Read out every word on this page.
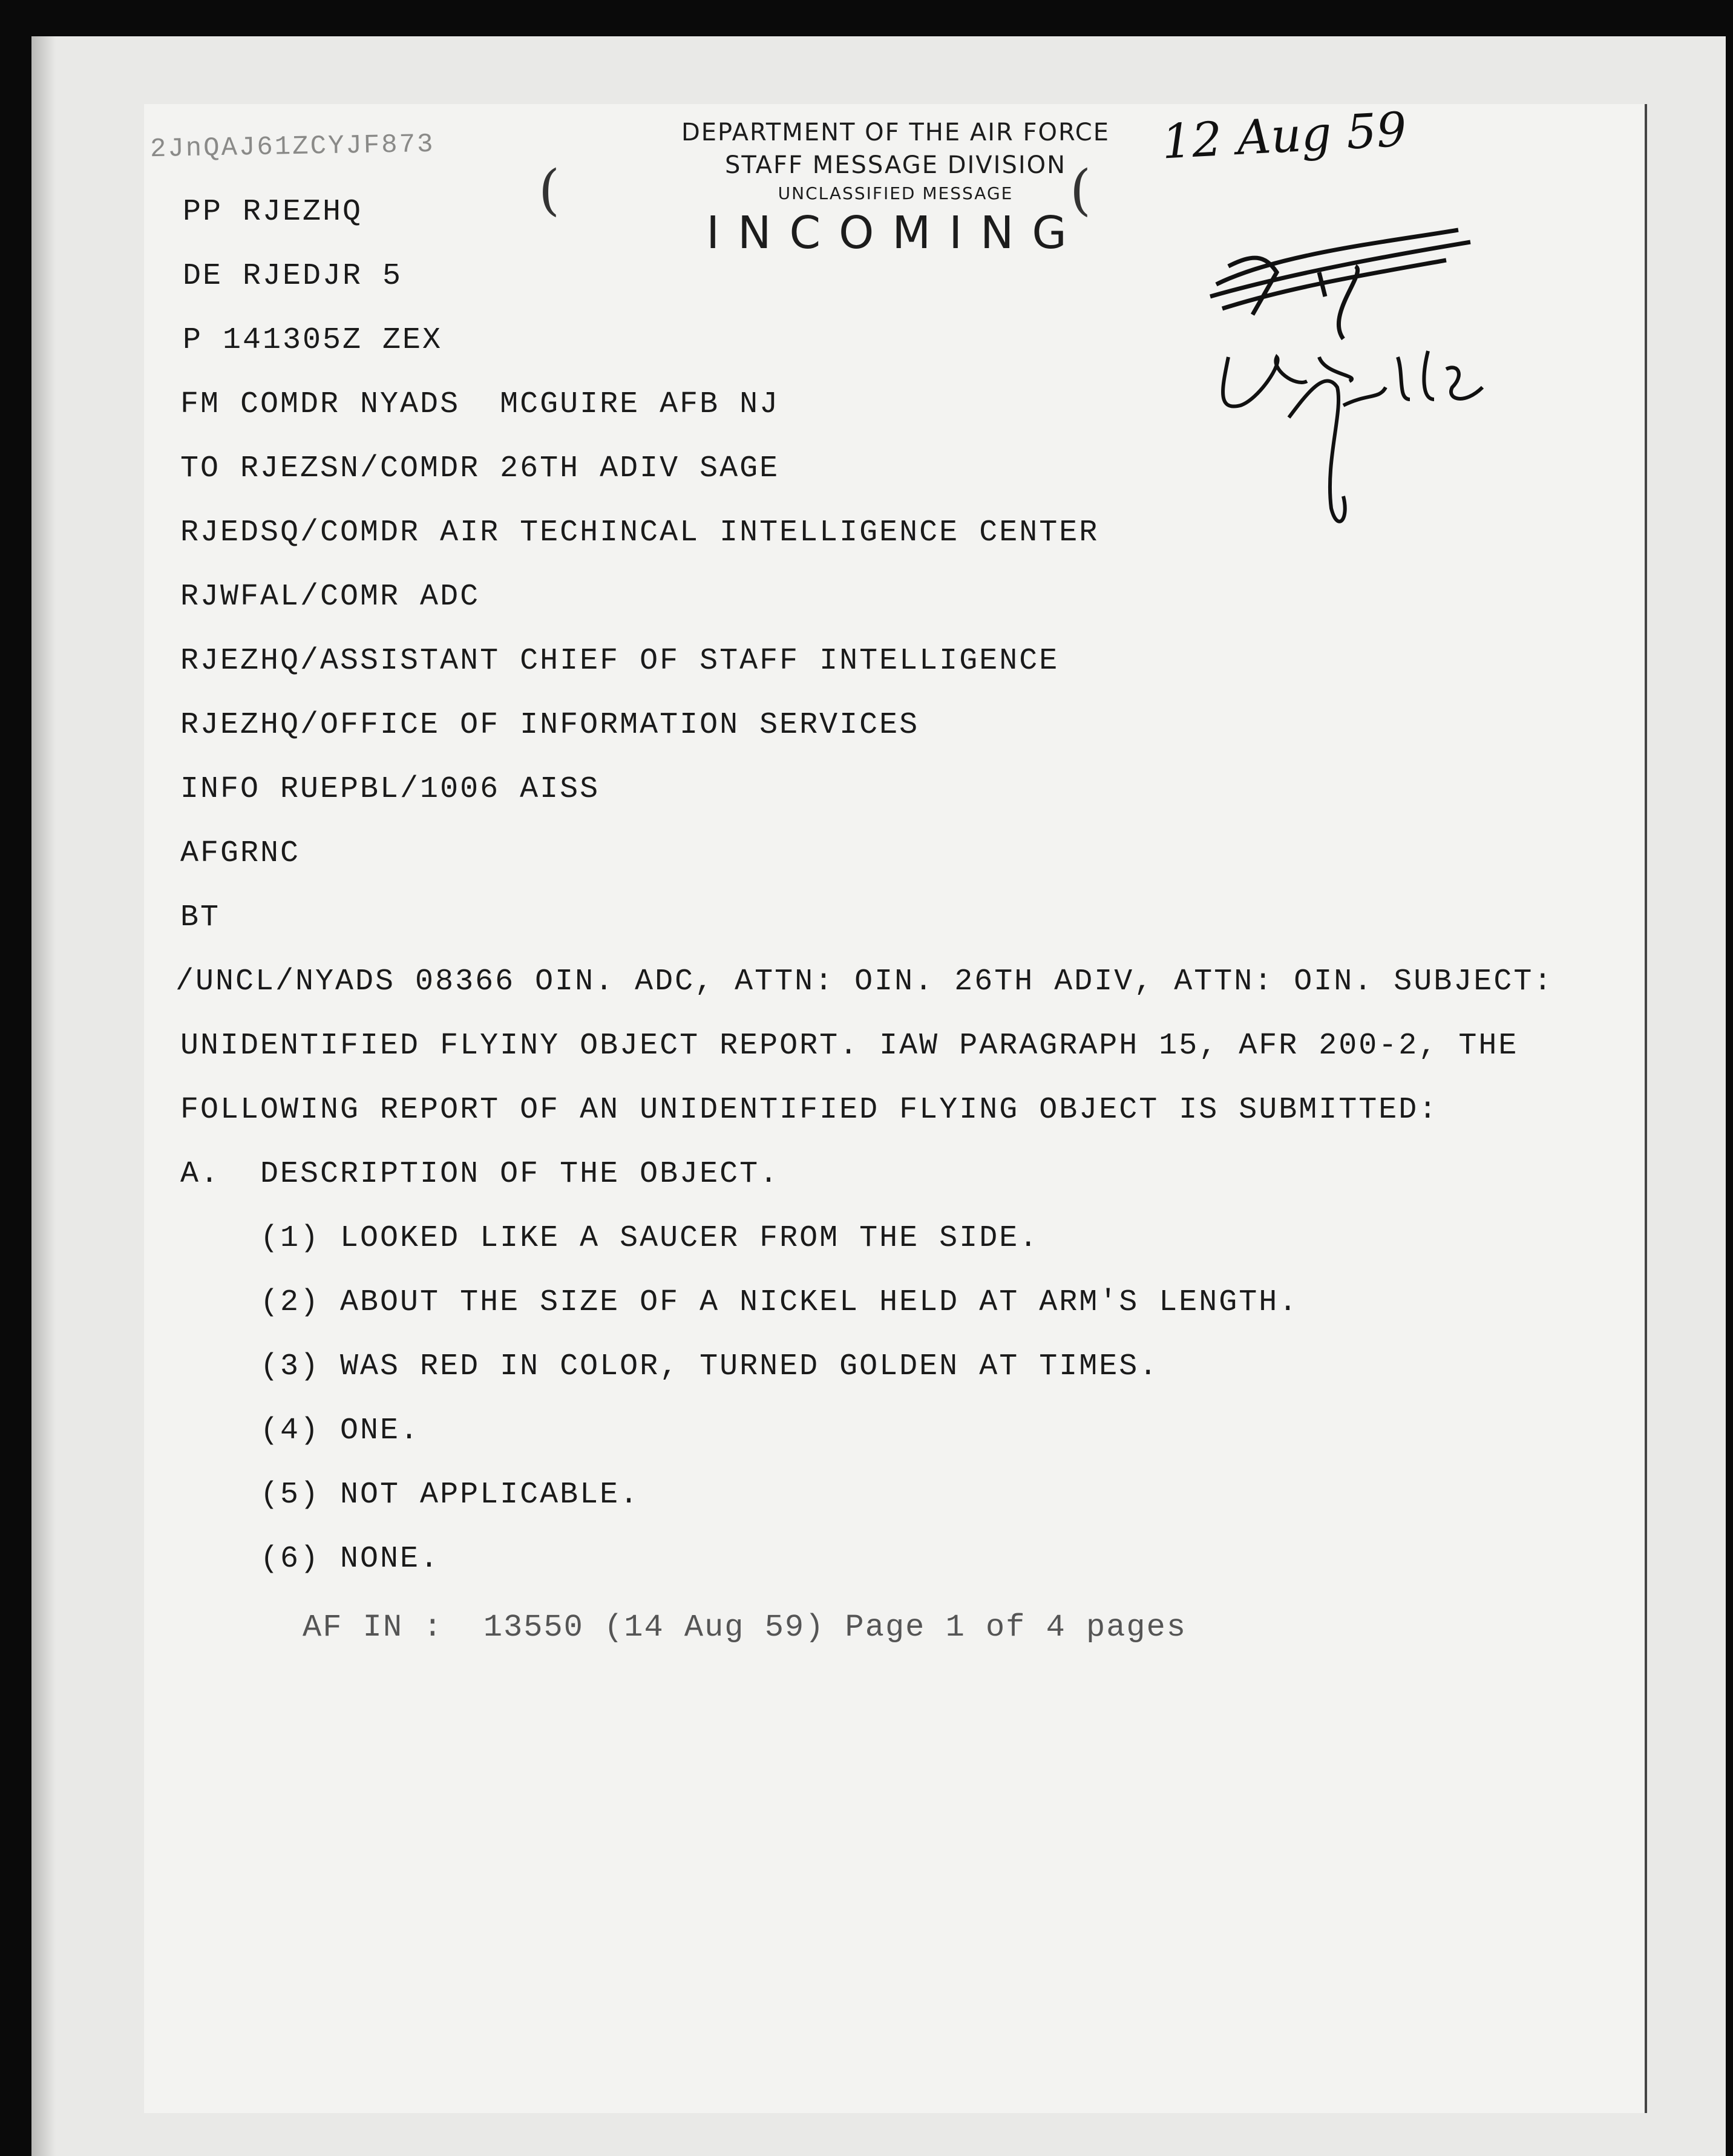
DEPARTMENT OF THE AIR FORCE
STAFF MESSAGE DIVISION
UNCLASSIFIED MESSAGE
INCOMING
(	(
12 Aug 59
2JnQAJ61ZCYJF873
PP RJEZHQ
DE RJEDJR 5
P 141305Z ZEX
FM COMDR NYADS  MCGUIRE AFB NJ
TO RJEZSN/COMDR 26TH ADIV SAGE
RJEDSQ/COMDR AIR TECHINCAL INTELLIGENCE CENTER
RJWFAL/COMR ADC
RJEZHQ/ASSISTANT CHIEF OF STAFF INTELLIGENCE
RJEZHQ/OFFICE OF INFORMATION SERVICES
INFO RUEPBL/1006 AISS
AFGRNC
BT
/UNCL/NYADS 08366 OIN. ADC, ATTN: OIN. 26TH ADIV, ATTN: OIN. SUBJECT:
UNIDENTIFIED FLYINY OBJECT REPORT. IAW PARAGRAPH 15, AFR 200-2, THE
FOLLOWING REPORT OF AN UNIDENTIFIED FLYING OBJECT IS SUBMITTED:
A.  DESCRIPTION OF THE OBJECT.
(1) LOOKED LIKE A SAUCER FROM THE SIDE.
(2) ABOUT THE SIZE OF A NICKEL HELD AT ARM'S LENGTH.
(3) WAS RED IN COLOR, TURNED GOLDEN AT TIMES.
(4) ONE.
(5) NOT APPLICABLE.
(6) NONE.
AF IN :  13550 (14 Aug 59) Page 1 of 4 pages
